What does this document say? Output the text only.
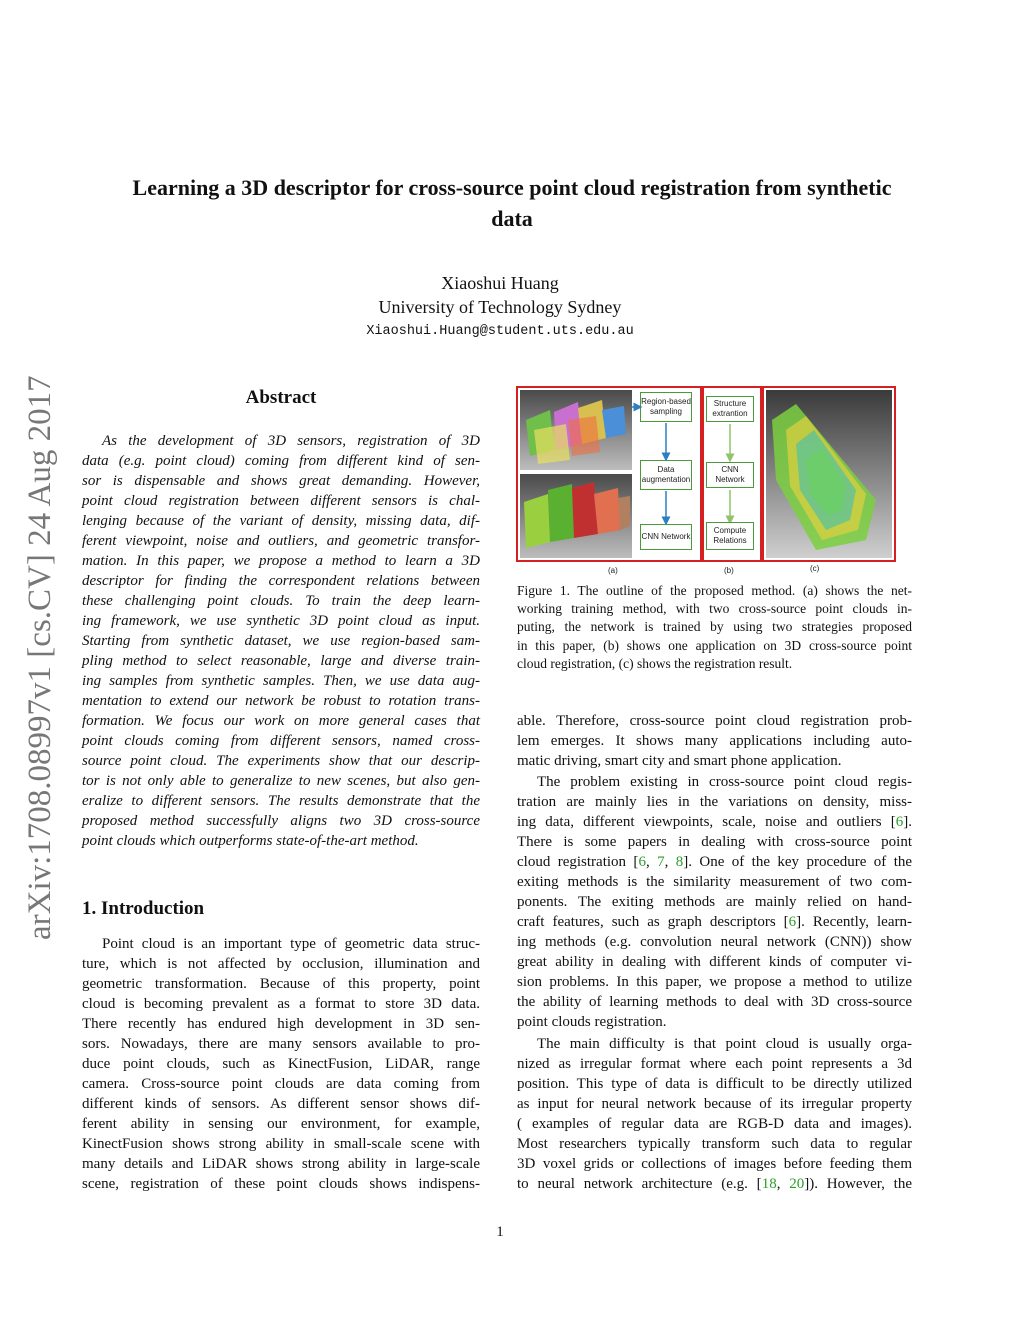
Learning a 3D descriptor for cross-source point cloud registration from synthetic
data
Xiaoshui Huang
University of Technology Sydney
Xiaoshui.Huang@student.uts.edu.au
arXiv:1708.08997v1 [cs.CV] 24 Aug 2017	Abstract
As the development of 3D sensors, registration of 3D
data (e.g. point cloud) coming from different kind of sen-
sor is dispensable and shows great demanding. However,
point cloud registration between different sensors is chal-
lenging because of the variant of density, missing data, dif-
ferent viewpoint, noise and outliers, and geometric transfor-
mation. In this paper, we propose a method to learn a 3D
descriptor for finding the correspondent relations between
these challenging point clouds. To train the deep learn-
ing framework, we use synthetic 3D point cloud as input.
Starting from synthetic dataset, we use region-based sam-
pling method to select reasonable, large and diverse train-
ing samples from synthetic samples. Then, we use data aug-
mentation to extend our network be robust to rotation trans-
formation. We focus our work on more general cases that
point clouds coming from different sensors, named cross-
source point cloud. The experiments show that our descrip-
tor is not only able to generalize to new scenes, but also gen-
eralize to different sensors. The results demonstrate that the
proposed method successfully aligns two 3D cross-source
point clouds which outperforms state-of-the-art method.
1. Introduction
Point cloud is an important type of geometric data struc-
ture, which is not affected by occlusion, illumination and
geometric transformation. Because of this property, point
cloud is becoming prevalent as a format to store 3D data.
There recently has endured high development in 3D sen-
sors. Nowadays, there are many sensors available to pro-
duce point clouds, such as KinectFusion, LiDAR, range
camera. Cross-source point clouds are data coming from
different kinds of sensors. As different sensor shows dif-
ferent ability in sensing our environment, for example,
KinectFusion shows strong ability in small-scale scene with
many details and LiDAR shows strong ability in large-scale
scene, registration of these point clouds shows indispens-
Region-based sampling
Data augmentation
CNN Network
Structure extrantion
CNN Network
Compute Relations
(a)	(b)	(c)
Figure 1. The outline of the proposed method. (a) shows the net-
working training method, with two cross-source point clouds in-
puting, the network is trained by using two strategies proposed
in this paper, (b) shows one application on 3D cross-source point
cloud registration, (c) shows the registration result.
able. Therefore, cross-source point cloud registration prob-
lem emerges. It shows many applications including auto-
matic driving, smart city and smart phone application.
The problem existing in cross-source point cloud regis-
tration are mainly lies in the variations on density, miss-
ing data, different viewpoints, scale, noise and outliers [6].
There is some papers in dealing with cross-source point
cloud registration [6, 7, 8]. One of the key procedure of the
exiting methods is the similarity measurement of two com-
ponents. The exiting methods are mainly relied on hand-
craft features, such as graph descriptors [6]. Recently, learn-
ing methods (e.g. convolution neural network (CNN)) show
great ability in dealing with different kinds of computer vi-
sion problems. In this paper, we propose a method to utilize
the ability of learning methods to deal with 3D cross-source
point clouds registration.
The main difficulty is that point cloud is usually orga-
nized as irregular format where each point represents a 3d
position. This type of data is difficult to be directly utilized
as input for neural network because of its irregular property
( examples of regular data are RGB-D data and images).
Most researchers typically transform such data to regular
3D voxel grids or collections of images before feeding them
to neural network architecture (e.g. [18, 20]). However, the
1
